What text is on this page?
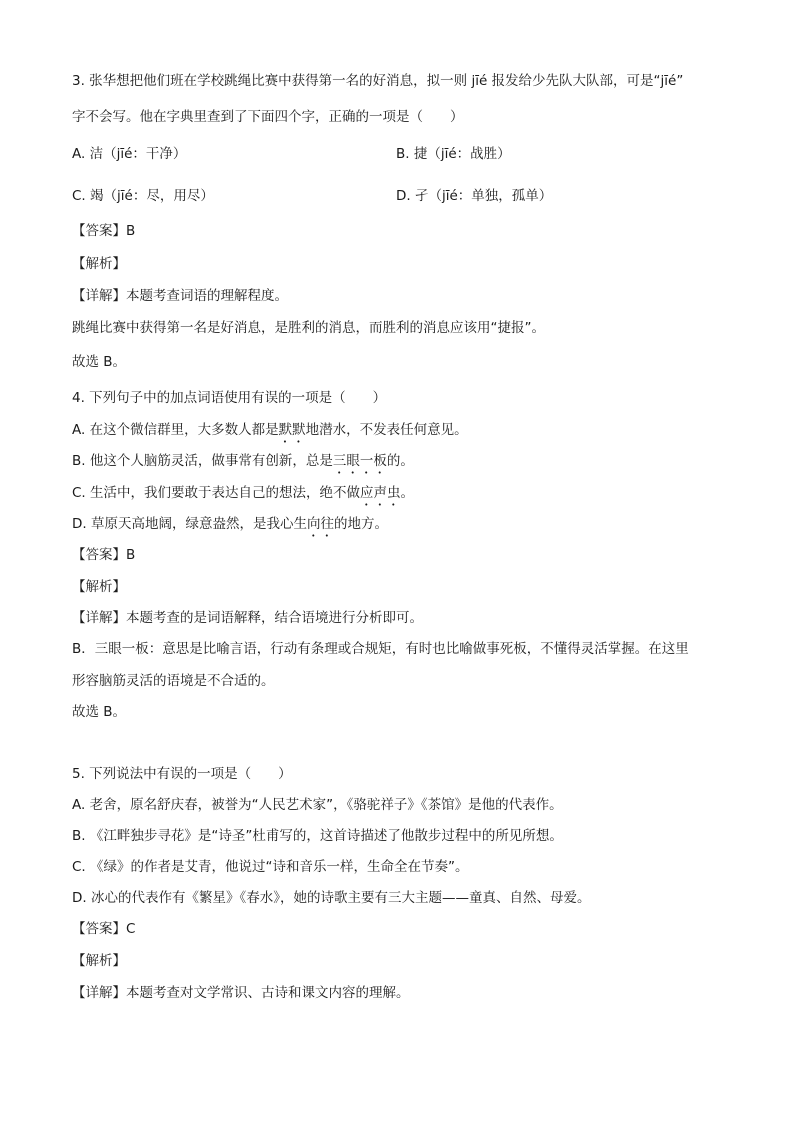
3. 张华想把他们班在学校跳绳比赛中获得第一名的好消息，拟一则 jīé 报发给少先队大队部，可是“jīé”
字不会写。他在字典里查到了下面四个字，正确的一项是（　　）
A. 洁（jīé：干净）	B. 捷（jīé：战胜）
C. 竭（jīé：尽，用尽）	D. 孑（jīé：单独，孤单）
【答案】B
【解析】
【详解】本题考查词语的理解程度。
跳绳比赛中获得第一名是好消息，是胜利的消息，而胜利的消息应该用“捷报”。
故选 B。
4. 下列句子中的加点词语使用有误的一项是（　　）
A. 在这个微信群里，大多数人都是默默地潜水，不发表任何意见。
B. 他这个人脑筋灵活，做事常有创新，总是三眼一板的。
C. 生活中，我们要敢于表达自己的想法，绝不做应声虫。
D. 草原天高地阔，绿意盎然，是我心生向往的地方。
【答案】B
【解析】
【详解】本题考查的是词语解释，结合语境进行分析即可。
B．三眼一板：意思是比喻言语，行动有条理或合规矩，有时也比喻做事死板，不懂得灵活掌握。在这里
形容脑筋灵活的语境是不合适的。
故选 B。
5. 下列说法中有误的一项是（　　）
A. 老舍，原名舒庆春，被誉为“人民艺术家”，《骆驼祥子》《茶馆》是他的代表作。
B. 《江畔独步寻花》是“诗圣”杜甫写的，这首诗描述了他散步过程中的所见所想。
C. 《绿》的作者是艾青，他说过“诗和音乐一样，生命全在节奏”。
D. 冰心的代表作有《繁星》《春水》，她的诗歌主要有三大主题——童真、自然、母爱。
【答案】C
【解析】
【详解】本题考查对文学常识、古诗和课文内容的理解。
